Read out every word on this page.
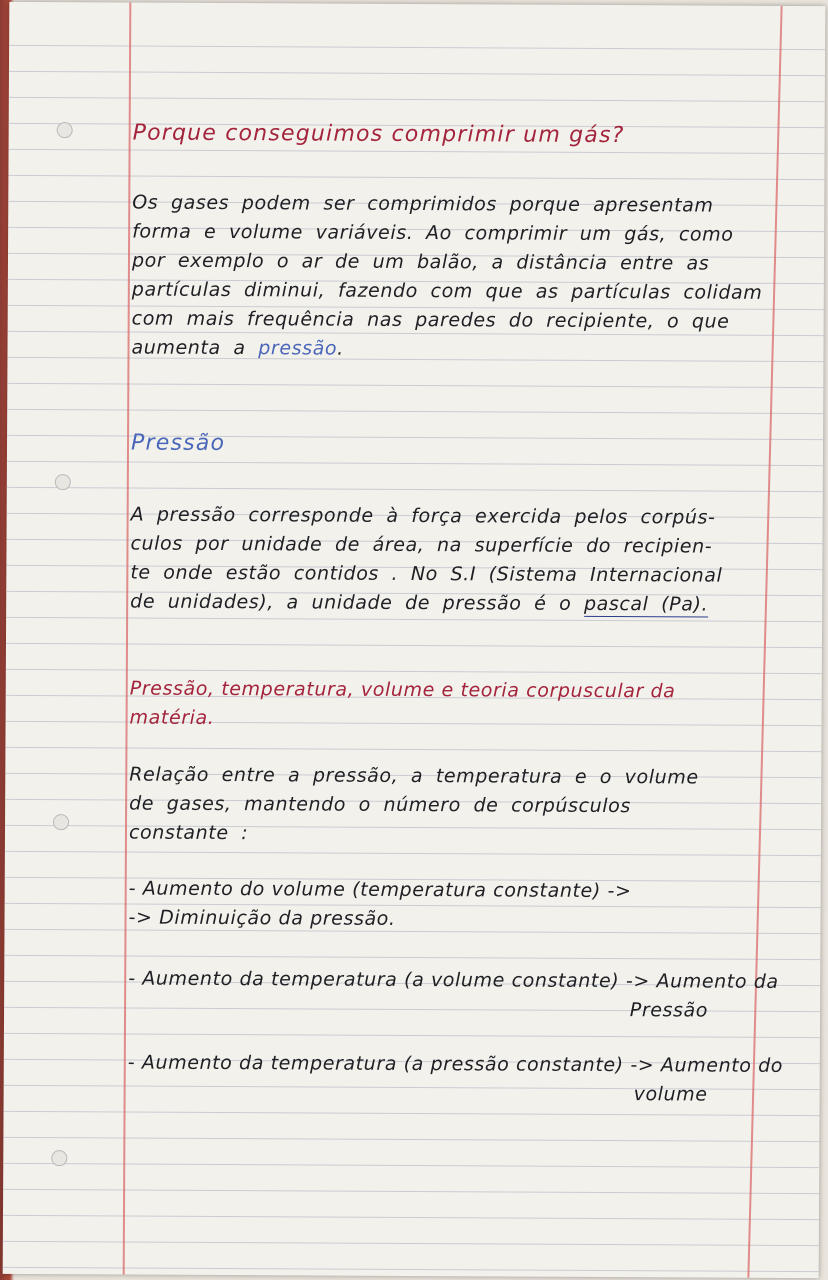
Porque conseguimos comprimir um gás?
Os gases podem ser comprimidos porque apresentam
forma e volume variáveis. Ao comprimir um gás, como
por exemplo o ar de um balão, a distância entre as
partículas diminui, fazendo com que as partículas colidam
com mais frequência nas paredes do recipiente, o que
aumenta a pressão.
Pressão
A pressão corresponde à força exercida pelos corpús-
culos por unidade de área, na superfície do recipien-
te onde estão contidos . No S.I (Sistema Internacional
de unidades), a unidade de pressão é o pascal (Pa).
Pressão, temperatura, volume e teoria corpuscular da
matéria.
Relação entre a pressão, a temperatura e o volume
de gases, mantendo o número de corpúsculos
constante :
- Aumento do volume (temperatura constante) ->
-> Diminuição da pressão.
- Aumento da temperatura (a volume constante) -> Aumento da
Pressão
- Aumento da temperatura (a pressão constante) -> Aumento do
volume
